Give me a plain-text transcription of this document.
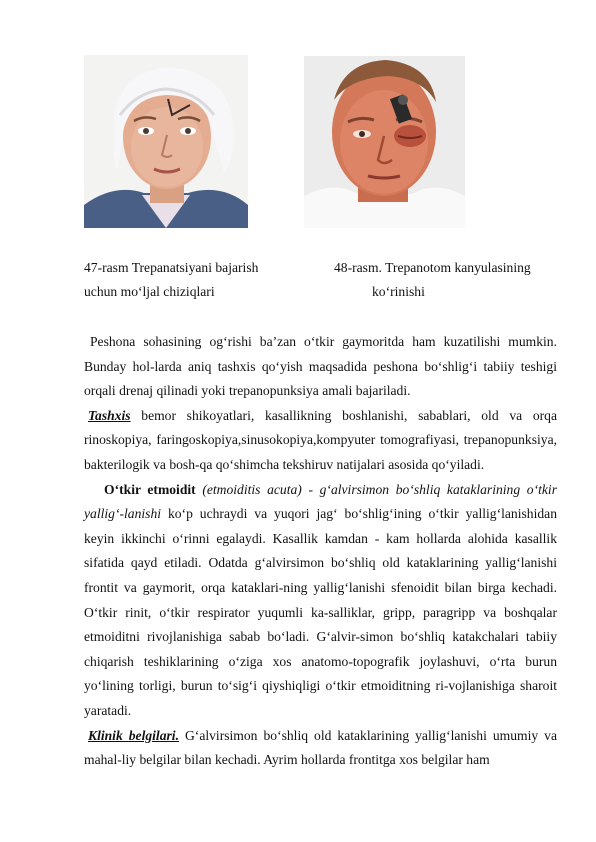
47-rasm Trepanatsiyani bajarish
uchun mo‘ljal chiziqlari
48-rasm. Trepanotom kanyulasining
ko‘rinishi

Peshona sohasining og‘rishi ba’zan o‘tkir gaymoritda ham kuzatilishi mumkin. Bunday hol-larda aniq tashxis qo‘yish maqsadida peshona bo‘shlig‘i tabiiy teshigi orqali drenaj qilinadi yoki trepanopunksiya amali bajariladi.

Tashxis bemor shikoyatlari, kasallikning boshlanishi, sabablari, old va orqa rinoskopiya, faringoskopiya,sinusokopiya,kompyuter tomografiyasi, trepanopunksiya, bakterilogik va bosh-qa qo‘shimcha tekshiruv natijalari asosida qo‘yiladi.

O‘tkir etmoidit (etmoiditis acuta) - g‘alvirsimon bo‘shliq kataklarining o‘tkir yallig‘-lanishi ko‘p uchraydi va yuqori jag‘ bo‘shlig‘ining o‘tkir yallig‘lanishidan keyin ikkinchi o‘rinni egalaydi. Kasallik kamdan - kam hollarda alohida kasallik sifatida qayd etiladi. Odatda g‘alvirsimon bo‘shliq old kataklarining yallig‘lanishi frontit va gaymorit, orqa kataklari-ning yallig‘lanishi sfenoidit bilan birga kechadi. O‘tkir rinit, o‘tkir respirator yuqumli ka-salliklar, gripp, paragripp va boshqalar etmoiditni rivojlanishiga sabab bo‘ladi. G‘alvir-simon bo‘shliq katakchalari tabiiy chiqarish teshiklarining o‘ziga xos anatomo-topografik joylashuvi, o‘rta burun yo‘lining torligi, burun to‘sig‘i qiyshiqligi o‘tkir etmoiditning ri-vojlanishiga sharoit yaratadi.

Klinik belgilari. G‘alvirsimon bo‘shliq old kataklarining yallig‘lanishi umumiy va mahal-liy belgilar bilan kechadi. Ayrim hollarda frontitga xos belgilar ham
